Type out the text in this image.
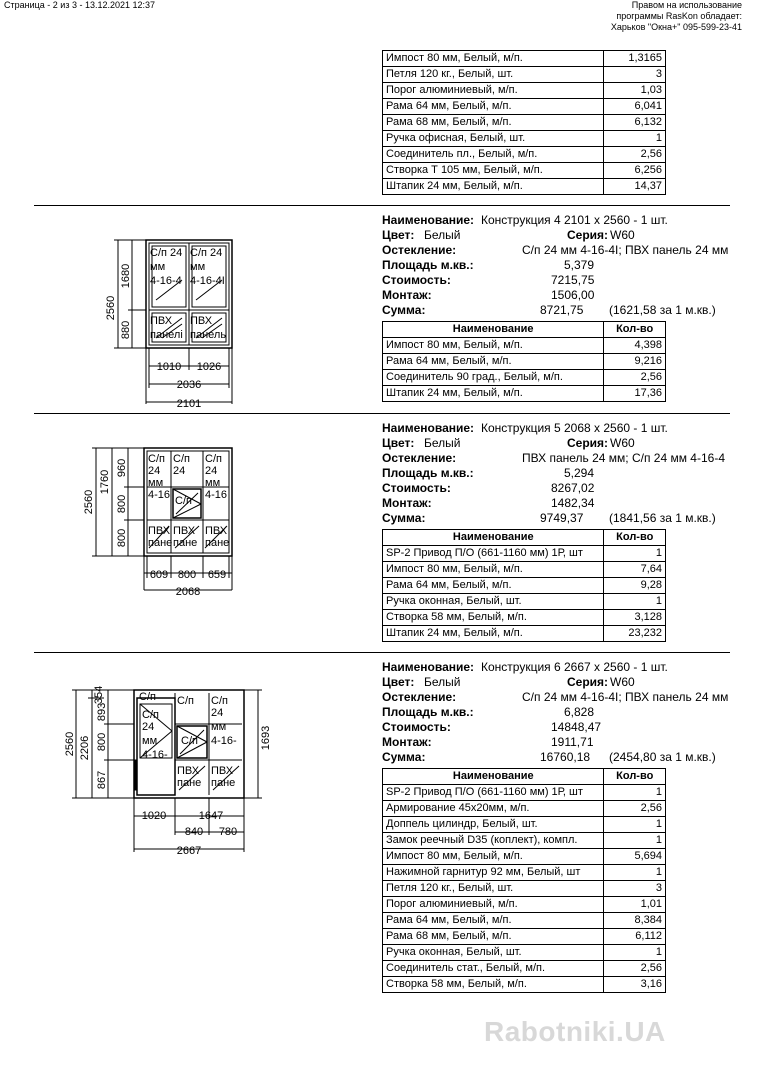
Страница - 2 из 3 - 13.12.2021 12:37	Правом на использование
программы RasKon обладает:
Харьков "Окна+" 095-599-23-41
Импост 80 мм, Белый, м/п.	1,3165
Петля 120 кг., Белый, шт.	3
Порог алюминиевый, м/п.	1,03
Рама 64 мм, Белый, м/п.	6,041
Рама 68 мм, Белый, м/п.	6,132
Ручка офисная, Белый, шт.	1
Соединитель пл., Белый, м/п.	2,56
Створка Т 105 мм, Белый, м/п.	6,256
Штапик 24 мм, Белый, м/п.	14,37
Наименование: Конструкция 4 2101 х 2560 - 1 шт.
Цвет: Белый	Серия: W60
Остекление:	С/п 24 мм 4-16-4I; ПВХ панель 24 мм
Площадь м.кв.:	5,379
Стоимость:	7215,75
Монтаж:	1506,00
Сумма:	8721,75 (1621,58 за 1 м.кв.)
Наименование	Кол-во
Импост 80 мм, Белый, м/п.	4,398
Рама 64 мм, Белый, м/п.	9,216
Соединитель 90 град., Белый, м/п.	2,56
Штапик 24 мм, Белый, м/п.	17,36
Наименование: Конструкция 5 2068 х 2560 - 1 шт.
Цвет: Белый	Серия: W60
Остекление:	ПВХ панель 24 мм; С/п 24 мм 4-16-4
Площадь м.кв.:	5,294
Стоимость:	8267,02
Монтаж:	1482,34
Сумма:	9749,37 (1841,56 за 1 м.кв.)
Наименование	Кол-во
SP-2 Привод П/О (661-1160 мм) 1Р, шт	1
Импост 80 мм, Белый, м/п.	7,64
Рама 64 мм, Белый, м/п.	9,28
Ручка оконная, Белый, шт.	1
Створка 58 мм, Белый, м/п.	3,128
Штапик 24 мм, Белый, м/п.	23,232
Наименование: Конструкция 6 2667 х 2560 - 1 шт.
Цвет: Белый	Серия: W60
Остекление:	С/п 24 мм 4-16-4I; ПВХ панель 24 мм
Площадь м.кв.:	6,828
Стоимость:	14848,47
Монтаж:	1911,71
Сумма:	16760,18 (2454,80 за 1 м.кв.)
Наименование	Кол-во
SP-2 Привод П/О (661-1160 мм) 1Р, шт	1
Армирование 45х20мм, м/п.	2,56
Доппель цилиндр, Белый, шт.	1
Замок реечный D35 (коплект), компл.	1
Импост 80 мм, Белый, м/п.	5,694
Нажимной гарнитур 92 мм, Белый, шт	1
Петля 120 кг., Белый, шт.	3
Порог алюминиевый, м/п.	1,01
Рама 64 мм, Белый, м/п.	8,384
Рама 68 мм, Белый, м/п.	6,112
Ручка оконная, Белый, шт.	1
Соединитель стат., Белый, м/п.	2,56
Створка 58 мм, Белый, м/п.	3,16
2560
1680
880
1010 1026
2036
2101
С/п 24
мм
4-16-4
С/п 24
мм
4-16-4I
ПВХ
панелі
ПВХ
панель
2560
1760
960
800
800
609 800 659
2068
С/п
24
мм
4-16
С/п
24
С/п
24
мм
4-16
С/п
ПВХ
пане
ПВХ
пане
ПВХ
пане
2560
354
2206
893
800
867
1693
1020	1647
840 780
2667
С/п
24
мм
4-16-
С/п
24
мм
4-16-
С/п
С/п
С/п
ПВХ
пане
ПВХ
пане
Rabotniki.UA
